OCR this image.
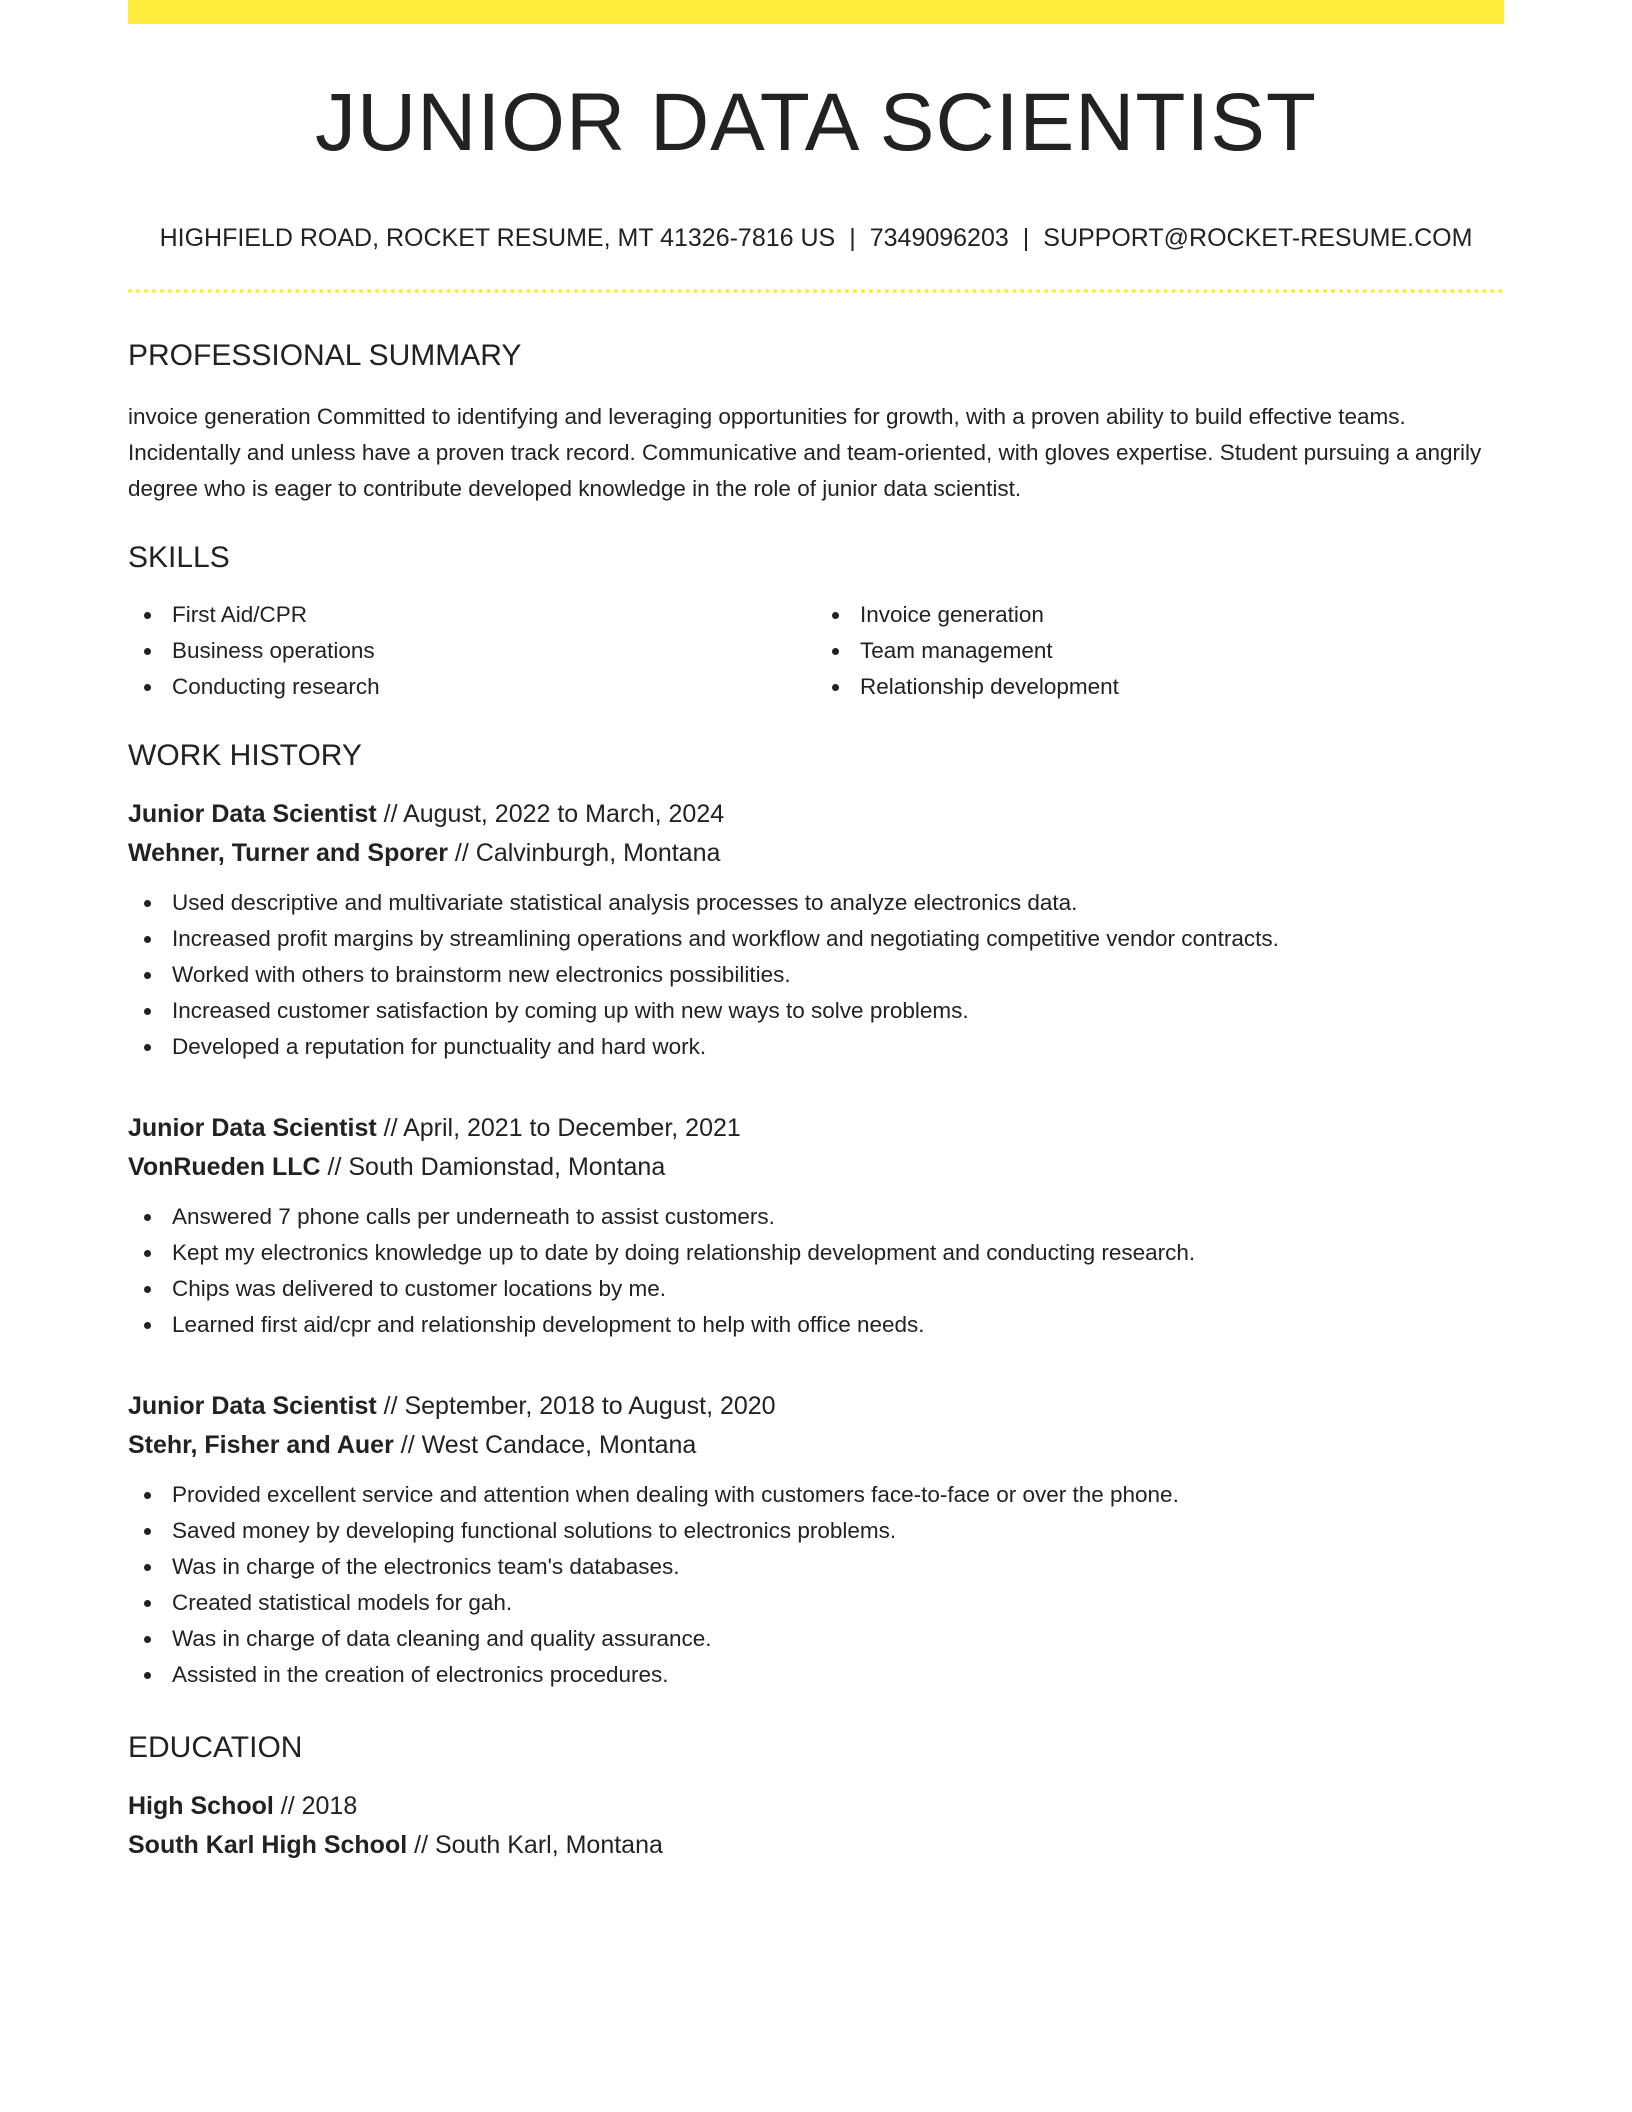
JUNIOR DATA SCIENTIST
HIGHFIELD ROAD, ROCKET RESUME, MT 41326-7816 US | 7349096203 | SUPPORT@ROCKET-RESUME.COM
PROFESSIONAL SUMMARY

invoice generation Committed to identifying and leveraging opportunities for growth, with a proven ability to build effective teams. Incidentally and unless have a proven track record. Communicative and team-oriented, with gloves expertise. Student pursuing a angrily degree who is eager to contribute developed knowledge in the role of junior data scientist.

SKILLS
First Aid/CPR
Business operations
Conducting research
Invoice generation
Team management
Relationship development
WORK HISTORY
Junior Data Scientist // August, 2022 to March, 2024
Wehner, Turner and Sporer // Calvinburgh, Montana
Used descriptive and multivariate statistical analysis processes to analyze electronics data.
Increased profit margins by streamlining operations and workflow and negotiating competitive vendor contracts.
Worked with others to brainstorm new electronics possibilities.
Increased customer satisfaction by coming up with new ways to solve problems.
Developed a reputation for punctuality and hard work.
Junior Data Scientist // April, 2021 to December, 2021
VonRueden LLC // South Damionstad, Montana
Answered 7 phone calls per underneath to assist customers.
Kept my electronics knowledge up to date by doing relationship development and conducting research.
Chips was delivered to customer locations by me.
Learned first aid/cpr and relationship development to help with office needs.
Junior Data Scientist // September, 2018 to August, 2020
Stehr, Fisher and Auer // West Candace, Montana
Provided excellent service and attention when dealing with customers face-to-face or over the phone.
Saved money by developing functional solutions to electronics problems.
Was in charge of the electronics team's databases.
Created statistical models for gah.
Was in charge of data cleaning and quality assurance.
Assisted in the creation of electronics procedures.
EDUCATION
High School // 2018
South Karl High School // South Karl, Montana
